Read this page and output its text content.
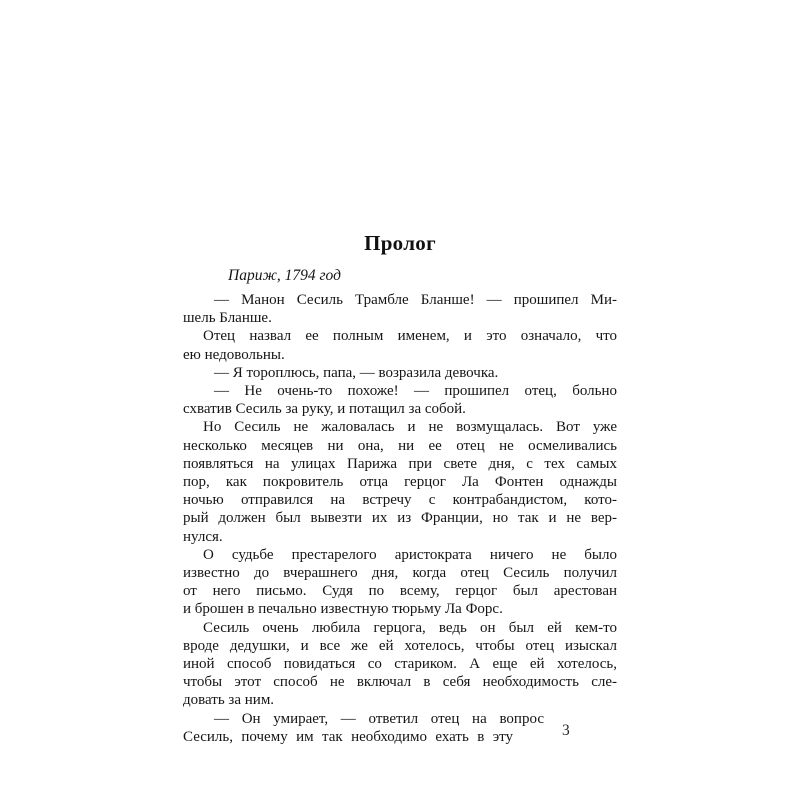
Пролог
Париж, 1794 год
— Манон Сесиль Трамбле Бланше! — прошипел Ми-
шель Бланше.
Отец назвал ее полным именем, и это означало, что
ею недовольны.
— Я тороплюсь, папа, — возразила девочка.
— Не очень-то похоже! — прошипел отец, больно
схватив Сесиль за руку, и потащил за собой.
Но Сесиль не жаловалась и не возмущалась. Вот уже
несколько месяцев ни она, ни ее отец не осмеливались
появляться на улицах Парижа при свете дня, с тех самых
пор, как покровитель отца герцог Ла Фонтен однажды
ночью отправился на встречу с контрабандистом, кото-
рый должен был вывезти их из Франции, но так и не вер-
нулся.
О судьбе престарелого аристократа ничего не было
известно до вчерашнего дня, когда отец Сесиль получил
от него письмо. Судя по всему, герцог был арестован
и брошен в печально известную тюрьму Ла Форс.
Сесиль очень любила герцога, ведь он был ей кем-то
вроде дедушки, и все же ей хотелось, чтобы отец изыскал
иной способ повидаться со стариком. А еще ей хотелось,
чтобы этот способ не включал в себя необходимость сле-
довать за ним.
— Он умирает, — ответил отец на вопрос
Сесиль, почему им так необходимо ехать в эту	3
